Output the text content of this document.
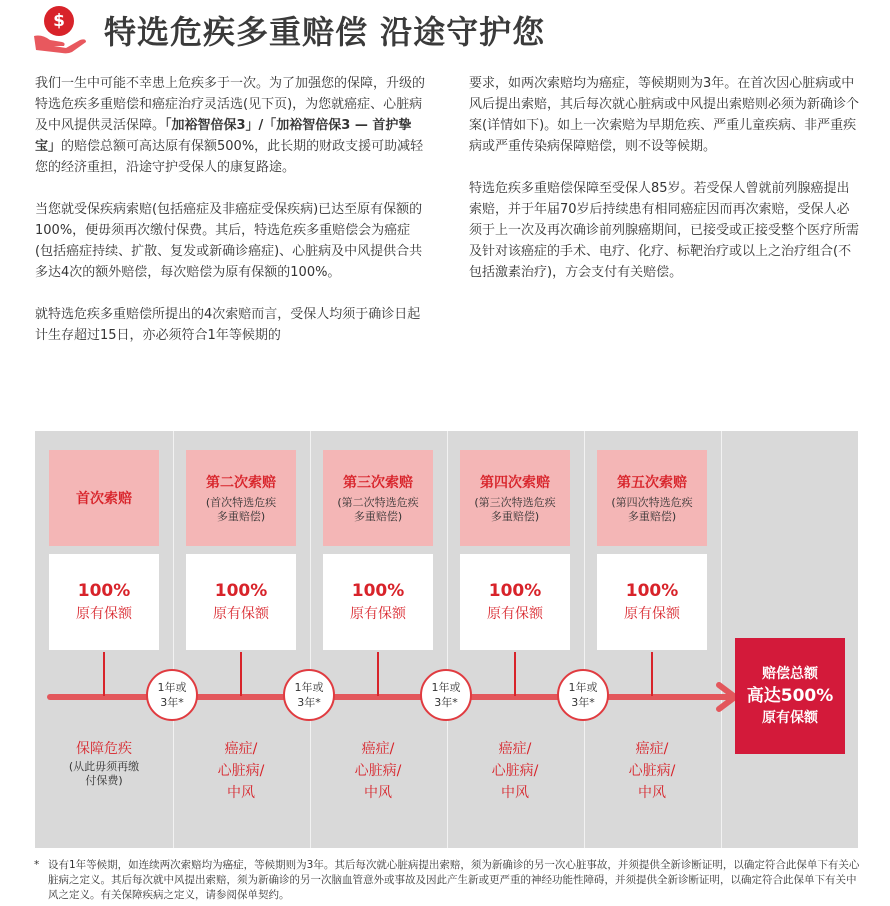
$ 特选危疾多重赔偿 沿途守护您

我们一生中可能不幸患上危疾多于一次。为了加强您的保障，升级的特选危疾多重赔偿和癌症治疗灵活选(见下页)，为您就癌症、心脏病及中风提供灵活保障。「加裕智倍保3」/「加裕智倍保3 — 首护挚宝」的赔偿总额可高达原有保额500%，此长期的财政支援可助减轻您的经济重担，沿途守护受保人的康复路途。

当您就受保疾病索赔(包括癌症及非癌症受保疾病)已达至原有保额的100%，便毋须再次缴付保费。其后，特选危疾多重赔偿会为癌症(包括癌症持续、扩散、复发或新确诊癌症)、心脏病及中风提供合共多达4次的额外赔偿，每次赔偿为原有保额的100%。

就特选危疾多重赔偿所提出的4次索赔而言，受保人均须于确诊日起计生存超过15日，亦必须符合1年等候期的

要求，如两次索赔均为癌症，等候期则为3年。在首次因心脏病或中风后提出索赔，其后每次就心脏病或中风提出索赔则必须为新确诊个案(详情如下)。如上一次索赔为早期危疾、严重儿童疾病、非严重疾病或严重传染病保障赔偿，则不设等候期。

特选危疾多重赔偿保障至受保人85岁。若受保人曾就前列腺癌提出索赔，并于年届70岁后持续患有相同癌症因而再次索赔，受保人必须于上一次及再次确诊前列腺癌期间，已接受或正接受整个医疗所需及针对该癌症的手术、电疗、化疗、标靶治疗或以上之治疗组合(不包括激素治疗)，方会支付有关赔偿。

首次索赔
第二次索赔
(首次特选危疾
多重赔偿)
第三次索赔
(第二次特选危疾
多重赔偿)
第四次索赔
(第三次特选危疾
多重赔偿)
第五次索赔
(第四次特选危疾
多重赔偿)
100%
原有保额
100%
原有保额
100%
原有保额
100%
原有保额
100%
原有保额
1年或
3年*
1年或
3年*
1年或
3年*
1年或
3年*
赔偿总额
高达500%
原有保额
保障危疾
(从此毋须再缴
付保费)
癌症/
心脏病/
中风
癌症/
心脏病/
中风
癌症/
心脏病/
中风
癌症/
心脏病/
中风
* 设有1年等候期，如连续两次索赔均为癌症，等候期则为3年。其后每次就心脏病提出索赔，须为新确诊的另一次心脏事故，并须提供全新诊断证明，以确定符合此保单下有关心脏病之定义。其后每次就中风提出索赔，须为新确诊的另一次脑血管意外或事故及因此产生新或更严重的神经功能性障碍，并须提供全新诊断证明，以确定符合此保单下有关中风之定义。有关保障疾病之定义，请参阅保单契约。
